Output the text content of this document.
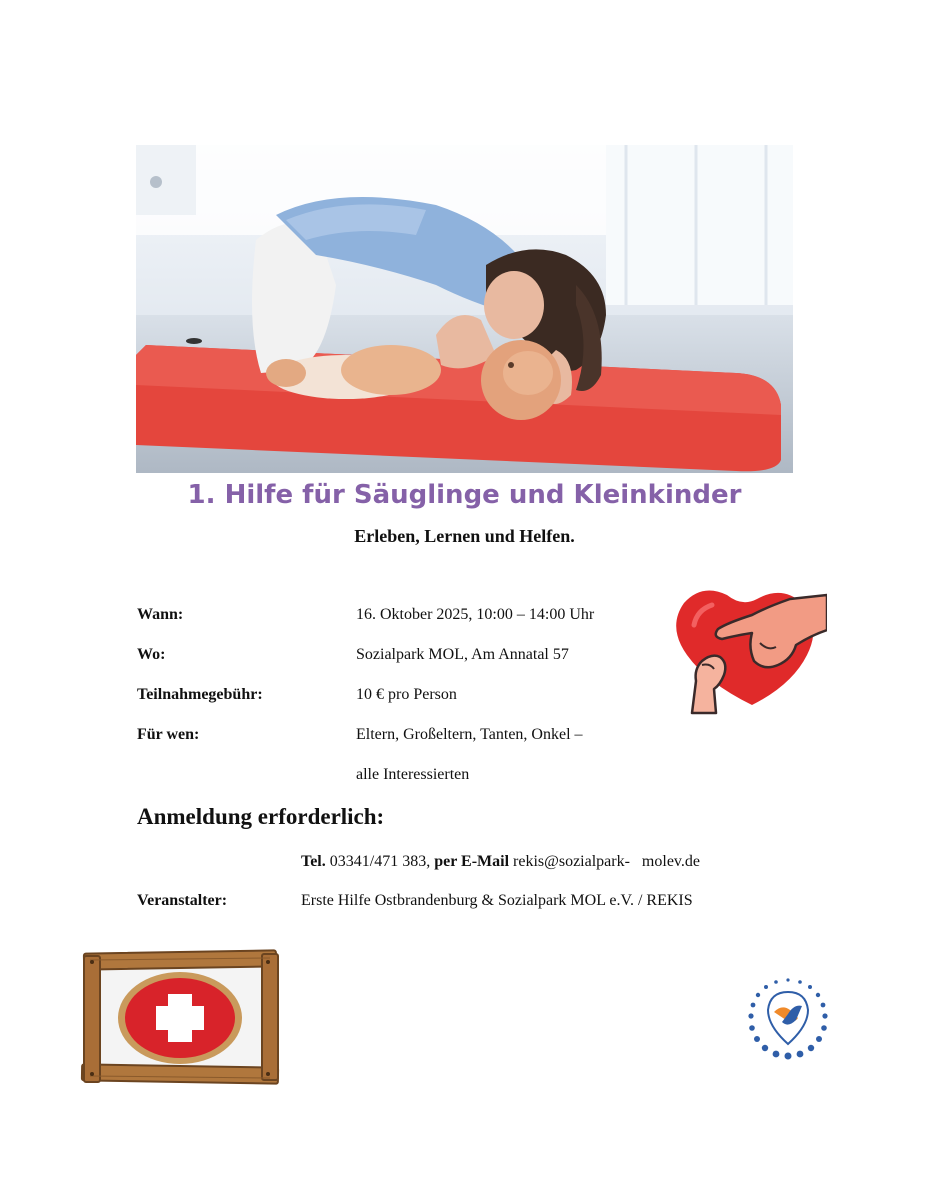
1. Hilfe für Säuglinge und Kleinkinder

Erleben, Lernen und Helfen.

Wann:	16. Oktober 2025, 10:00 – 14:00 Uhr
Wo:	Sozialpark MOL, Am Annatal 57
Teilnahmegebühr:	10 € pro Person
Für wen:	Eltern, Großeltern, Tanten, Onkel –
alle Interessierten
Anmeldung erforderlich:
Tel. 03341/471 383, per E-Mail rekis@sozialpark-   molev.de
Veranstalter:	Erste Hilfe Ostbrandenburg & Sozialpark MOL e.V. / REKIS
